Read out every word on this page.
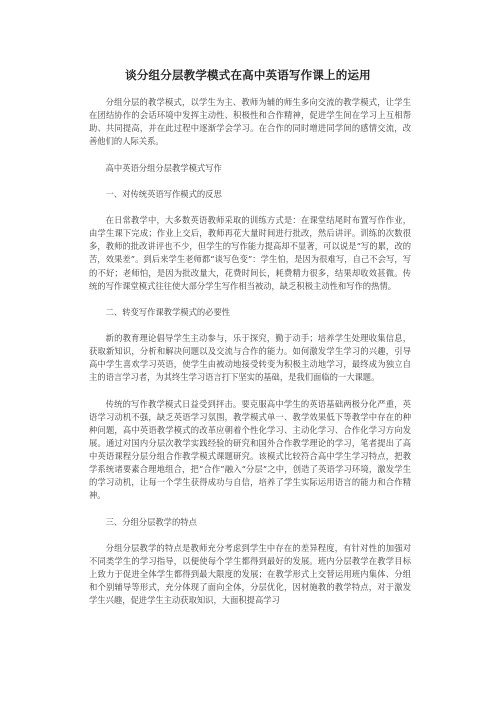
谈分组分层教学模式在高中英语写作课上的运用

分组分层的教学模式，以学生为主、教师为辅的师生多向交流的教学模式，让学生在团结协作的会话环境中发挥主动性、积极性和合作精神，促进学生间在学习上互相帮助、共同提高，并在此过程中逐渐学会学习。在合作的同时增进同学间的感情交流，改善他们的人际关系。

高中英语分组分层教学模式写作

一、对传统英语写作模式的反思

在日常教学中，大多数英语教师采取的训练方式是：在课堂结尾时布置写作作业，由学生课下完成；作业上交后，教师再花大量时间进行批改，然后讲评。训练的次数很多，教师的批改讲评也不少，但学生的写作能力提高却不显著，可以说是“写的累，改的苦，效果差”。到后来学生老师都“谈写色变”：学生怕，是因为很难写，自己不会写，写的不好；老师怕，是因为批改量大，花费时间长，耗费精力很多，结果却收效甚微。传统的写作课堂模式往往使大部分学生写作相当被动，缺乏积极主动性和写作的热情。

二、转变写作课教学模式的必要性

新的教育理论倡导学生主动参与，乐于探究，勤于动手；培养学生处理收集信息，获取新知识，分析和解决问题以及交流与合作的能力。如何激发学生学习的兴趣，引导高中学生喜欢学习英语，使学生由被动地接受转变为积极主动地学习，最终成为独立自主的语言学习者，为其终生学习语言打下坚实的基础，是我们面临的一大课题。

传统的写作教学模式日益受到抨击。要克服高中学生的英语基础两极分化严重，英语学习动机不强，缺乏英语学习氛围，教学模式单一、教学效果低下等教学中存在的种种问题，高中英语教学模式的改革应朝着个性化学习、主动化学习、合作化学习方向发展。通过对国内分层次教学实践经验的研究和国外合作教学理论的学习，笔者提出了高中英语课程分层分组合作教学模式课题研究。该模式比较符合高中学生学习特点，把教学系统诸要素合理地组合，把“合作”融入“分层”之中，创造了英语学习环境，激发学生的学习动机，让每一个学生获得成功与自信，培养了学生实际运用语言的能力和合作精神。

三、分组分层教学的特点

分组分层教学的特点是教师充分考虑到学生中存在的差异程度，有针对性的加强对不同类学生的学习指导，以便使每个学生都得到最好的发展。班内分层教学在教学目标上致力于促进全体学生都得到最大限度的发展；在教学形式上交替运用班内集体、分组和个别辅导等形式，充分体现了面向全体，分层优化，因材施教的教学特点，对于激发学生兴趣，促进学生主动获取知识，大面积提高学习
